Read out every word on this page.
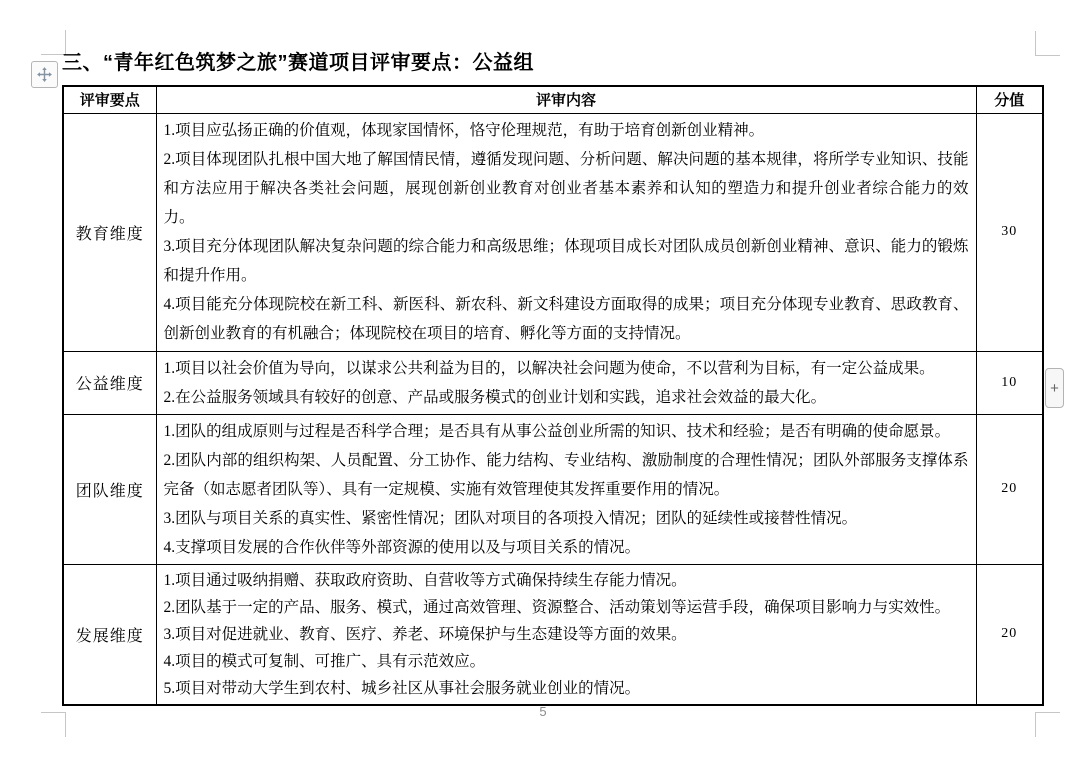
三、“青年红色筑梦之旅”赛道项目评审要点：公益组
评审要点	评审内容	分值
教育维度	1.项目应弘扬正确的价值观，体现家国情怀，恪守伦理规范，有助于培育创新创业精神。

2.项目体现团队扎根中国大地了解国情民情，遵循发现问题、分析问题、解决问题的基本规律，将所学专业知识、技能和方法应用于解决各类社会问题，展现创新创业教育对创业者基本素养和认知的塑造力和提升创业者综合能力的效力。

3.项目充分体现团队解决复杂问题的综合能力和高级思维；体现项目成长对团队成员创新创业精神、意识、能力的锻炼和提升作用。

4.项目能充分体现院校在新工科、新医科、新农科、新文科建设方面取得的成果；项目充分体现专业教育、思政教育、创新创业教育的有机融合；体现院校在项目的培育、孵化等方面的支持情况。	30
公益维度	1.项目以社会价值为导向，以谋求公共利益为目的，以解决社会问题为使命，不以营利为目标，有一定公益成果。

2.在公益服务领域具有较好的创意、产品或服务模式的创业计划和实践，追求社会效益的最大化。	10
团队维度	1.团队的组成原则与过程是否科学合理；是否具有从事公益创业所需的知识、技术和经验；是否有明确的使命愿景。

2.团队内部的组织构架、人员配置、分工协作、能力结构、专业结构、激励制度的合理性情况；团队外部服务支撑体系完备（如志愿者团队等）、具有一定规模、实施有效管理使其发挥重要作用的情况。

3.团队与项目关系的真实性、紧密性情况；团队对项目的各项投入情况；团队的延续性或接替性情况。

4.支撑项目发展的合作伙伴等外部资源的使用以及与项目关系的情况。	20
发展维度	1.项目通过吸纳捐赠、获取政府资助、自营收等方式确保持续生存能力情况。

2.团队基于一定的产品、服务、模式，通过高效管理、资源整合、活动策划等运营手段，确保项目影响力与实效性。

3.项目对促进就业、教育、医疗、养老、环境保护与生态建设等方面的效果。

4.项目的模式可复制、可推广、具有示范效应。

5.项目对带动大学生到农村、城乡社区从事社会服务就业创业的情况。	20
+
5
